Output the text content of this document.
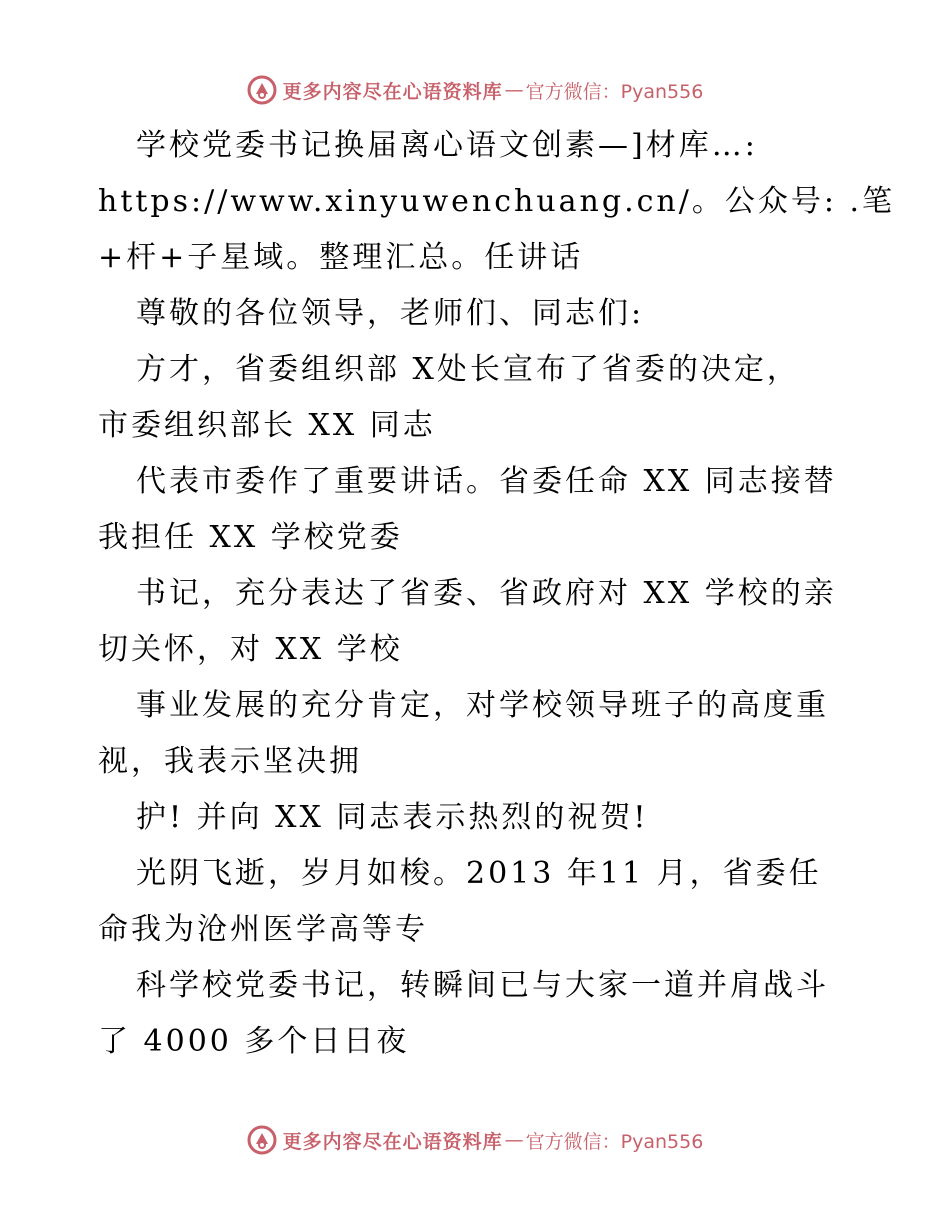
更多内容尽在心语资料库 — 官方微信：Pyan556
学校党委书记换届离心语文创素—]材库…:
https://www.xinyuwenchuang.cn/。公众号: .笔
+杆+子星域。整理汇总。任讲话
尊敬的各位领导，老师们、同志们:
方才，省委组织部 X处长宣布了省委的决定，
市委组织部长 XX 同志
代表市委作了重要讲话。省委任命 XX 同志接替
我担任 XX 学校党委
书记，充分表达了省委、省政府对 XX 学校的亲
切关怀，对 XX 学校
事业发展的充分肯定，对学校领导班子的高度重
视，我表示坚决拥
护! 并向 XX 同志表示热烈的祝贺!
光阴飞逝，岁月如梭。2013 年11 月，省委任
命我为沧州医学高等专
科学校党委书记，转瞬间已与大家一道并肩战斗
了 4000 多个日日夜
更多内容尽在心语资料库 — 官方微信：Pyan556
